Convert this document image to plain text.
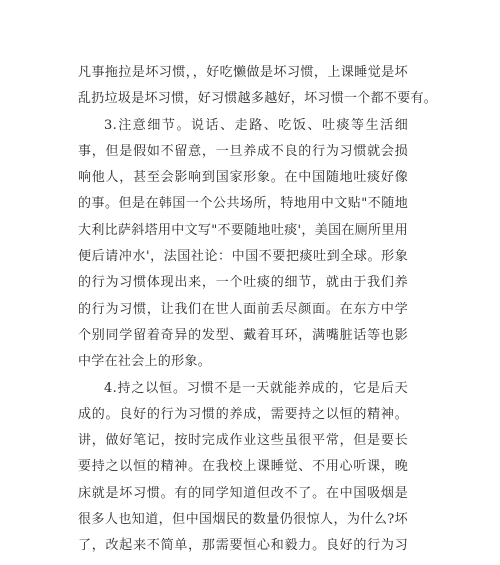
凡事拖拉是坏习惯，，好吃懒做是坏习惯，上课睡觉是坏
乱扔垃圾是坏习惯，好习惯越多越好，坏习惯一个都不要有。
3.注意细节。说话、走路、吃饭、吐痰等生活细
事，但是假如不留意，一旦养成不良的行为习惯就会损
响他人，甚至会影响到国家形象。在中国随地吐痰好像
的事。但是在韩国一个公共场所，特地用中文贴"不随地
大利比萨斜塔用中文写"不要随地吐痰'，美国在厕所里用
便后请冲水'，法国社论：中国不要把痰吐到全球。形象
的行为习惯体现出来，一个吐痰的细节，就由于我们养
的行为习惯，让我们在世人面前丢尽颜面。在东方中学
个别同学留着奇异的发型、戴着耳环，满嘴脏话等也影
中学在社会上的形象。
4.持之以恒。习惯不是一天就能养成的，它是后天
成的。良好的行为习惯的养成，需要持之以恒的精神。
讲，做好笔记，按时完成作业这些虽很平常，但是要长
要持之以恒的精神。在我校上课睡觉、不用心听课，晚
床就是坏习惯。有的同学知道但改不了。在中国吸烟是
很多人也知道，但中国烟民的数量仍很惊人，为什么?坏
了，改起来不简单，那需要恒心和毅力。良好的行为习
